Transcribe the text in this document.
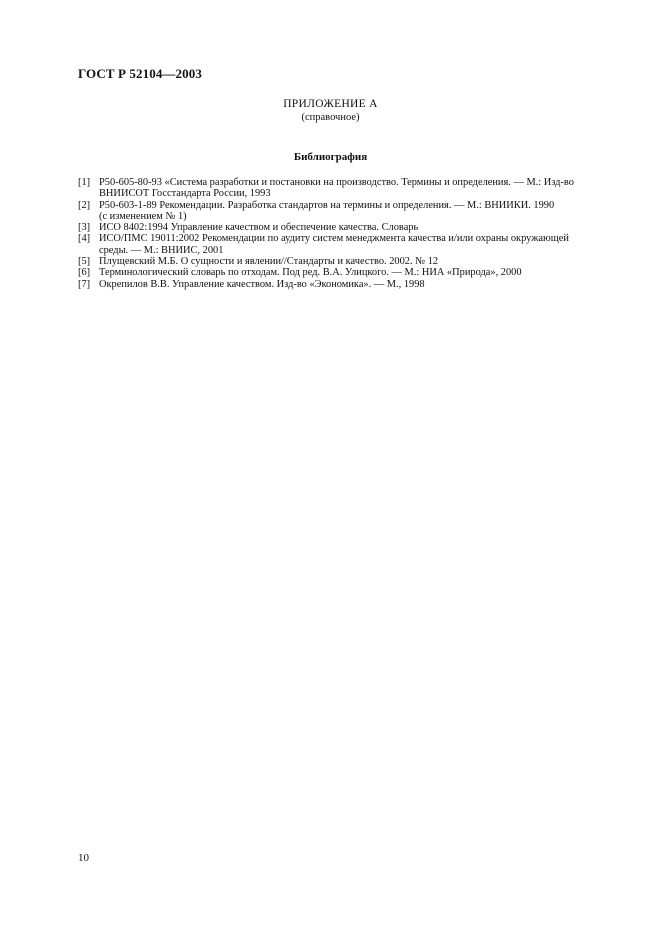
ГОСТ Р 52104—2003
ПРИЛОЖЕНИЕ А
(справочное)
Библиография
[1] Р50-605-80-93 «Система разработки и постановки на производство. Термины и определения. — М.: Изд-во
ВНИИСОТ Госстандарта России, 1993
[2] Р50-603-1-89 Рекомендации. Разработка стандартов на термины и определения. — М.: ВНИИКИ. 1990
(с изменением № 1)
[3] ИСО 8402:1994 Управление качеством и обеспечение качества. Словарь
[4] ИСО/ПМС 19011:2002 Рекомендации по аудиту систем менеджмента качества и/или охраны окружающей
среды. — М.: ВНИИС, 2001
[5] Плущевский М.Б. О сущности и явлении//Стандарты и качество. 2002. № 12
[6] Терминологический словарь по отходам. Под ред. В.А. Улицкого. — М.: НИА «Природа», 2000
[7] Окрепилов В.В. Управление качеством. Изд-во «Экономика». — М., 1998
10
